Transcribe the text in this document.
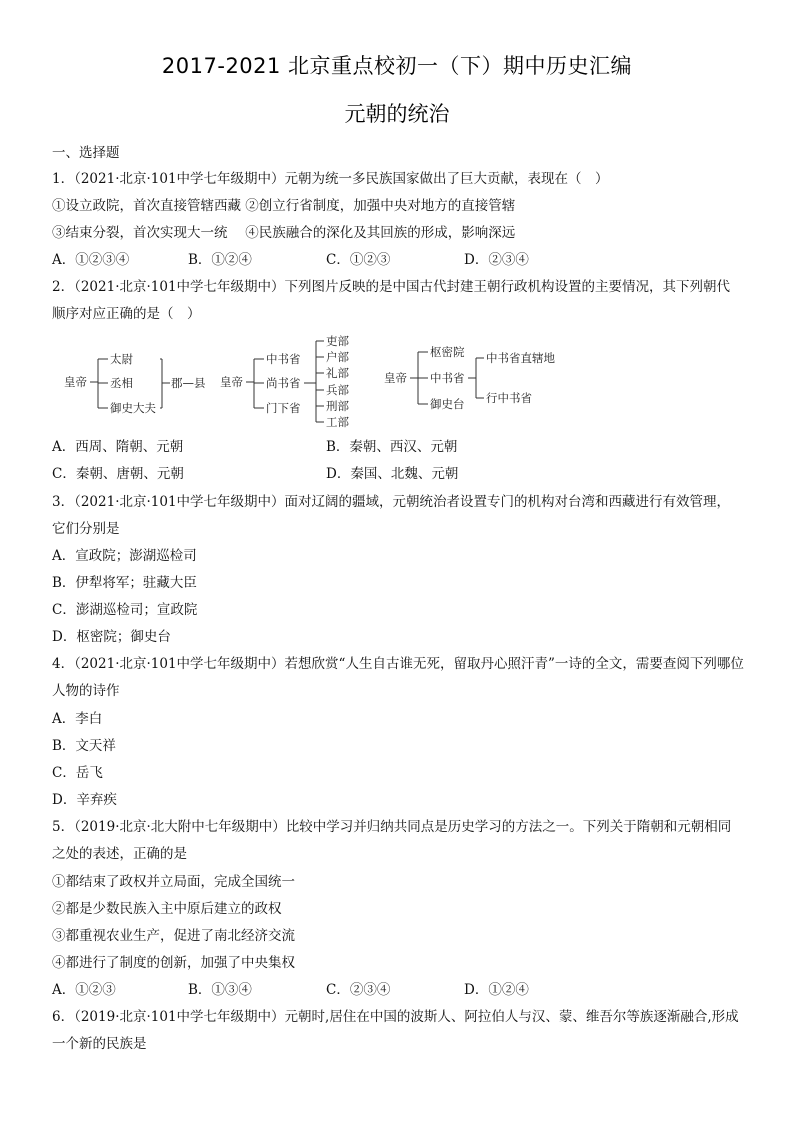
2017-2021 北京重点校初一（下）期中历史汇编
元朝的统治
一、选择题
1．（2021·北京·101中学七年级期中）元朝为统一多民族国家做出了巨大贡献，表现在（　）
①设立政院，首次直接管辖西藏 ②创立行省制度，加强中央对地方的直接管辖
③结束分裂，首次实现大一统　 ④民族融合的深化及其回族的形成，影响深远
A．①②③④	B．①②④	C．①②③	D．②③④
2．（2021·北京·101中学七年级期中）下列图片反映的是中国古代封建王朝行政机构设置的主要情况，其下列朝代
顺序对应正确的是（　）
皇帝
太尉
丞相
御史大夫
郡—县 皇帝
中书省
尚书省
门下省
吏部
户部
礼部
兵部
刑部
工部
皇帝
枢密院
中书省
御史台
中书省直辖地
行中书省
A．西周、隋朝、元朝	B．秦朝、西汉、元朝
C．秦朝、唐朝、元朝	D．秦国、北魏、元朝
3．（2021·北京·101中学七年级期中）面对辽阔的疆域，元朝统治者设置专门的机构对台湾和西藏进行有效管理，
它们分别是
A．宣政院；澎湖巡检司
B．伊犁将军；驻藏大臣
C．澎湖巡检司；宣政院
D．枢密院；御史台
4．（2021·北京·101中学七年级期中）若想欣赏“人生自古谁无死，留取丹心照汗青”一诗的全文，需要查阅下列哪位
人物的诗作
A．李白
B．文天祥
C．岳飞
D．辛弃疾
5．（2019·北京·北大附中七年级期中）比较中学习并归纳共同点是历史学习的方法之一。下列关于隋朝和元朝相同
之处的表述，正确的是
①都结束了政权并立局面，完成全国统一
②都是少数民族入主中原后建立的政权
③都重视农业生产，促进了南北经济交流
④都进行了制度的创新，加强了中央集权
A．①②③	B．①③④	C．②③④	D．①②④
6．（2019·北京·101中学七年级期中）元朝时,居住在中国的波斯人、阿拉伯人与汉、蒙、维吾尔等族逐渐融合,形成
一个新的民族是
